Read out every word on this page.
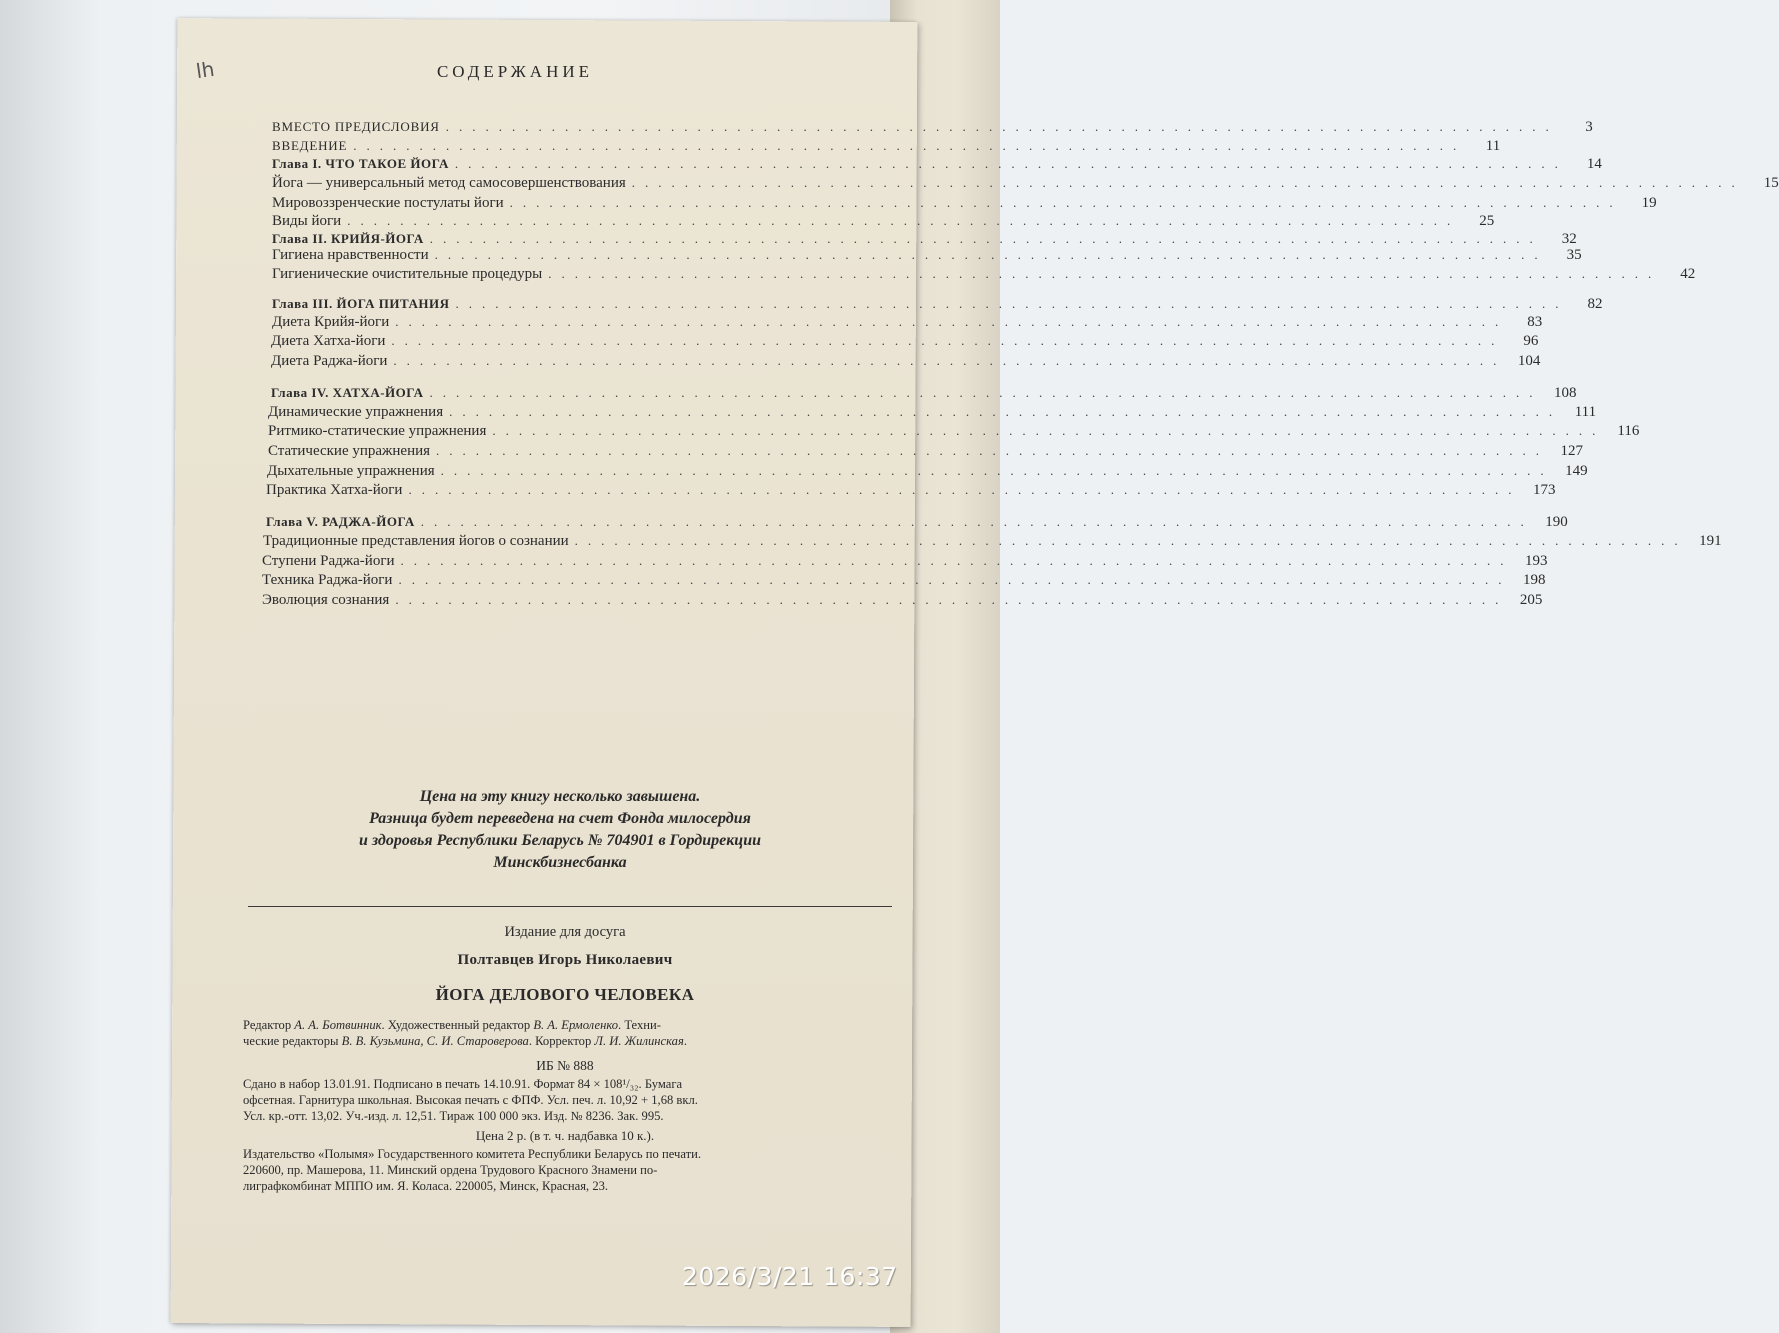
lh	СОДЕРЖАНИЕ
ВМЕСТО ПРЕДИСЛОВИЯ ....................................................................................	3
ВВЕДЕНИЕ ....................................................................................	11
Глава I. ЧТО ТАКОЕ ЙОГА ....................................................................................	14
Йога — универсальный метод самосовершенствования ....................................................................................	15
Мировоззренческие постулаты йоги ....................................................................................	19
Виды йоги ....................................................................................	25
Глава II. КРИЙЯ-ЙОГА ....................................................................................	32
Гигиена нравственности ....................................................................................	35
Гигиенические очистительные процедуры ....................................................................................	42
Глава III. ЙОГА ПИТАНИЯ ....................................................................................	82
Диета Крийя-йоги ....................................................................................	83
Диета Хатха-йоги ....................................................................................	96
Диета Раджа-йоги .................................................................................... 104
Глава IV. ХАТХА-ЙОГА .................................................................................... 108
Динамические упражнения .................................................................................... 111
Ритмико-статические упражнения .................................................................................... 116
Статические упражнения .................................................................................... 127
Дыхательные упражнения .................................................................................... 149
Практика Хатха-йоги .................................................................................... 173
Глава V. РАДЖА-ЙОГА .................................................................................... 190
Традиционные представления йогов о сознании .................................................................................... 191
Ступени Раджа-йоги .................................................................................... 193
Техника Раджа-йоги .................................................................................... 198
Эволюция сознания .................................................................................... 205
Цена на эту книгу несколько завышена.
Разница будет переведена на счет Фонда милосердия
и здоровья Республики Беларусь № 704901 в Гордирекции
Минскбизнесбанка
Издание для досуга
Полтавцев Игорь Николаевич
ЙОГА ДЕЛОВОГО ЧЕЛОВЕКА
Редактор А. А. Ботвинник. Художественный редактор В. А. Ермоленко. Техни-
ческие редакторы В. В. Кузьмина, С. И. Староверова. Корректор Л. И. Жилинская.
ИБ № 888
Сдано в набор 13.01.91. Подписано в печать 14.10.91. Формат 84 × 108¹/₃₂. Бумага
офсетная. Гарнитура школьная. Высокая печать с ФПФ. Усл. печ. л. 10,92 + 1,68 вкл.
Усл. кр.-отт. 13,02. Уч.-изд. л. 12,51. Тираж 100 000 экз. Изд. № 8236. Зак. 995.
Цена 2 р. (в т. ч. надбавка 10 к.).
Издательство «Полымя» Государственного комитета Республики Беларусь по печати.
220600, пр. Машерова, 11. Минский ордена Трудового Красного Знамени по-
лиграфкомбинат МППО им. Я. Коласа. 220005, Минск, Красная, 23.
2026/3/21 16:37
